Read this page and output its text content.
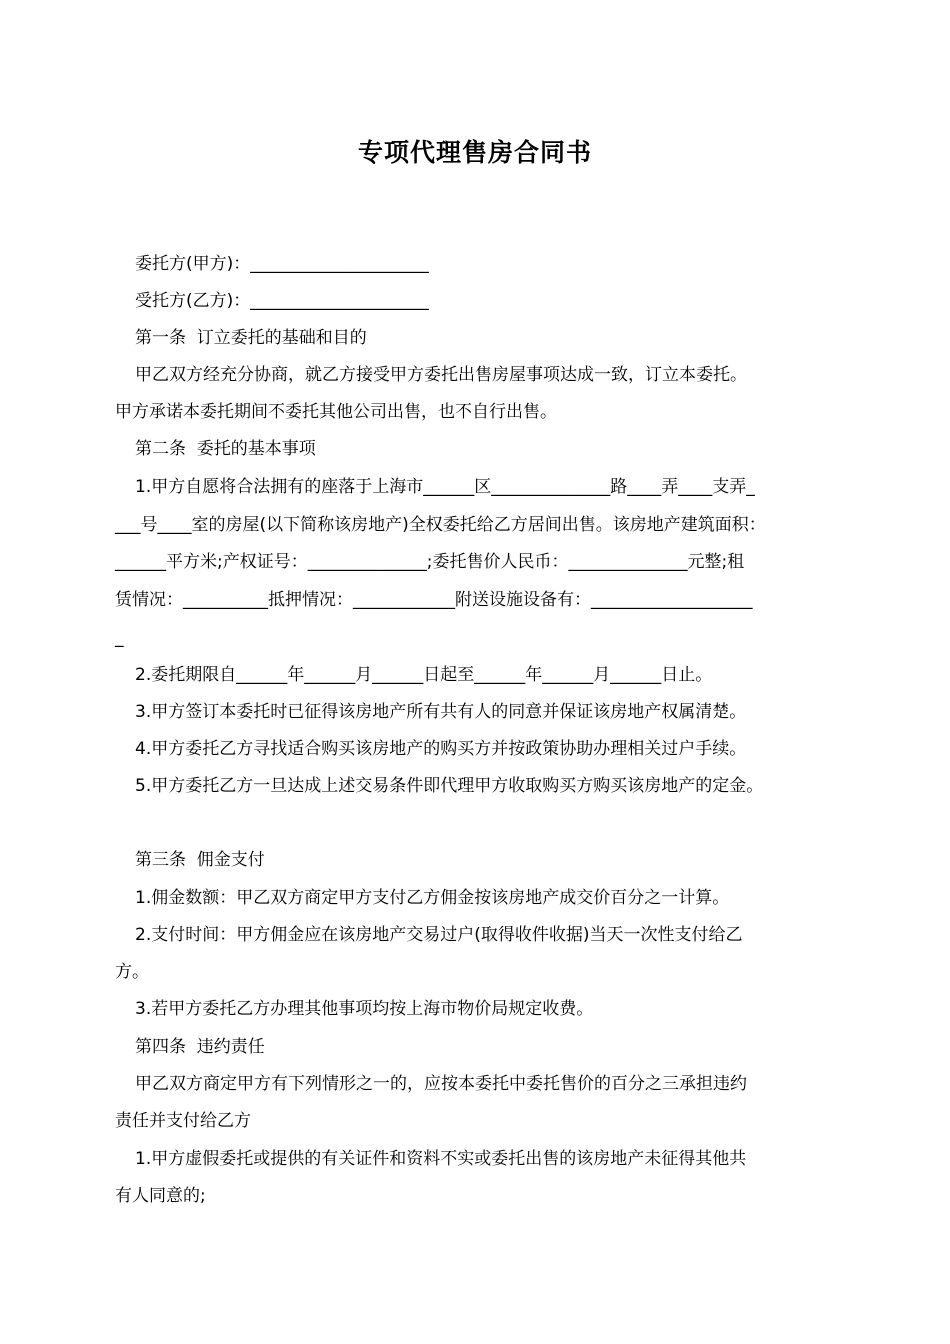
专项代理售房合同书
委托方(甲方)：_____________________
受托方(乙方)：_____________________
第一条  订立委托的基础和目的
甲乙双方经充分协商，就乙方接受甲方委托出售房屋事项达成一致，订立本委托。
甲方承诺本委托期间不委托其他公司出售，也不自行出售。
第二条  委托的基本事项
1.甲方自愿将合法拥有的座落于上海市______区______________路____弄____支弄_
___号____室的房屋(以下简称该房地产)全权委托给乙方居间出售。该房地产建筑面积：
______平方米;产权证号：______________;委托售价人民币：______________元整;租
赁情况：__________抵押情况：____________附送设施设备有：___________________
_
2.委托期限自______年______月______日起至______年______月______日止。
3.甲方签订本委托时已征得该房地产所有共有人的同意并保证该房地产权属清楚。
4.甲方委托乙方寻找适合购买该房地产的购买方并按政策协助办理相关过户手续。
5.甲方委托乙方一旦达成上述交易条件即代理甲方收取购买方购买该房地产的定金。
第三条  佣金支付
1.佣金数额：甲乙双方商定甲方支付乙方佣金按该房地产成交价百分之一计算。
2.支付时间：甲方佣金应在该房地产交易过户(取得收件收据)当天一次性支付给乙
方。
3.若甲方委托乙方办理其他事项均按上海市物价局规定收费。
第四条  违约责任
甲乙双方商定甲方有下列情形之一的，应按本委托中委托售价的百分之三承担违约
责任并支付给乙方
1.甲方虚假委托或提供的有关证件和资料不实或委托出售的该房地产未征得其他共
有人同意的;
